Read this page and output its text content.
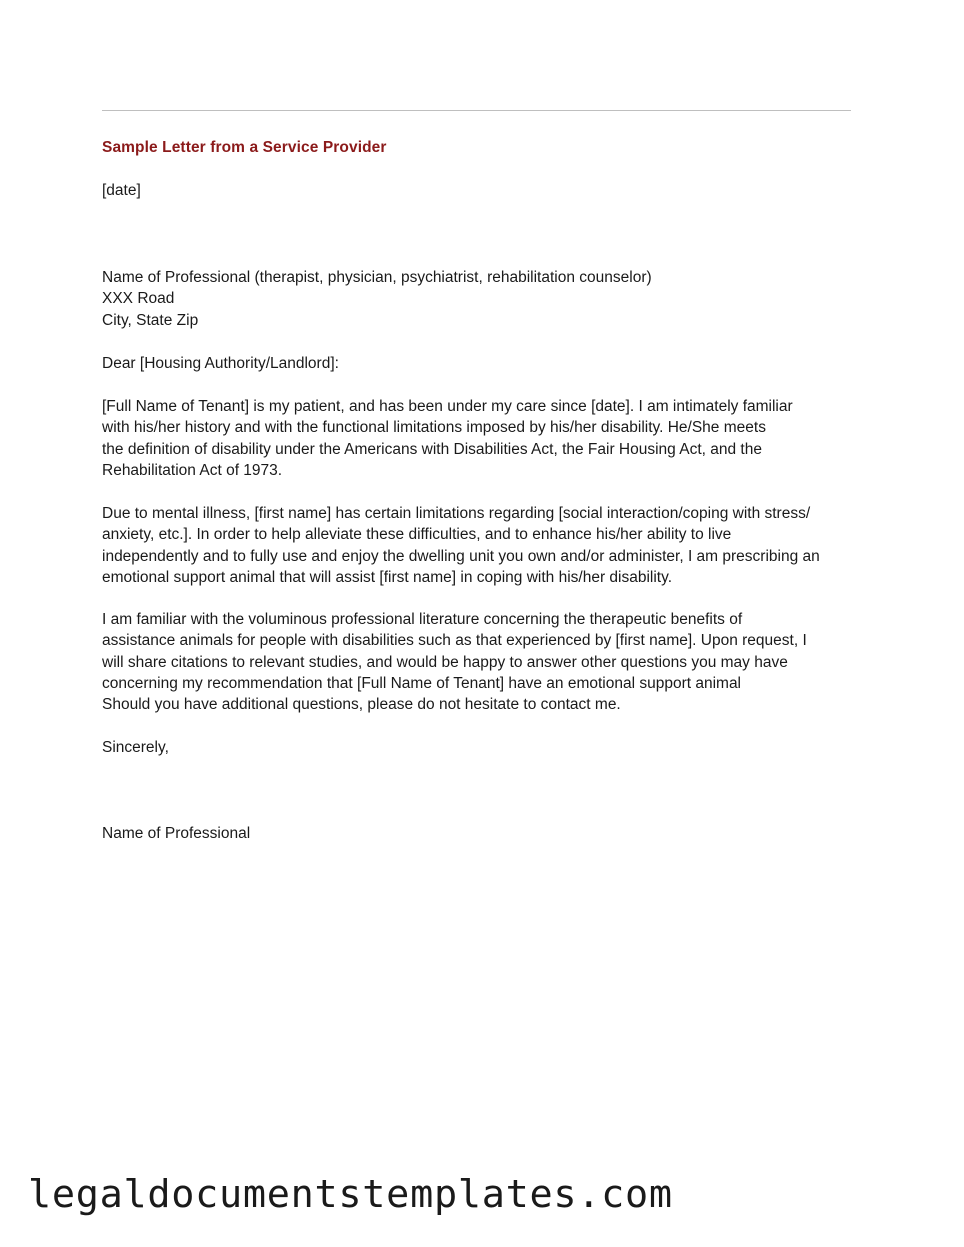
Sample Letter from a Service Provider
[date]
Name of Professional (therapist, physician, psychiatrist, rehabilitation counselor)
XXX Road
City, State Zip
Dear [Housing Authority/Landlord]:
[Full Name of Tenant] is my patient, and has been under my care since [date]. I am intimately familiar
with his/her history and with the functional limitations imposed by his/her disability. He/She meets
the definition of disability under the Americans with Disabilities Act, the Fair Housing Act, and the
Rehabilitation Act of 1973.
Due to mental illness, [first name] has certain limitations regarding [social interaction/coping with stress/
anxiety, etc.]. In order to help alleviate these difficulties, and to enhance his/her ability to live
independently and to fully use and enjoy the dwelling unit you own and/or administer, I am prescribing an
emotional support animal that will assist [first name] in coping with his/her disability.
I am familiar with the voluminous professional literature concerning the therapeutic benefits of
assistance animals for people with disabilities such as that experienced by [first name]. Upon request, I
will share citations to relevant studies, and would be happy to answer other questions you may have
concerning my recommendation that [Full Name of Tenant] have an emotional support animal
Should you have additional questions, please do not hesitate to contact me.
Sincerely,
Name of Professional
legaldocumentstemplates.com
